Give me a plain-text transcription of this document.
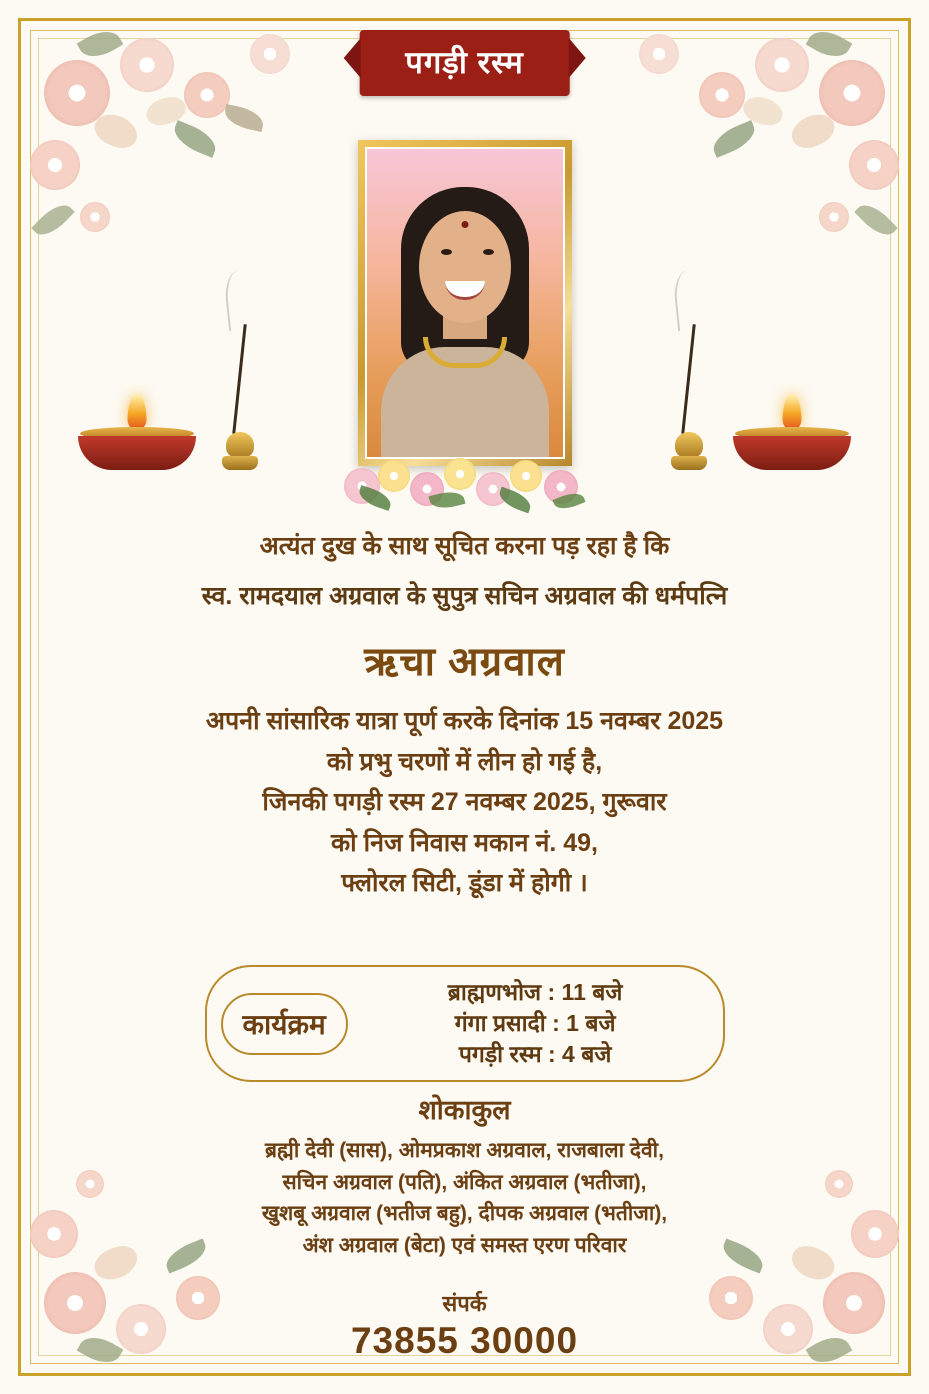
पगड़ी रस्म
अत्यंत दुख के साथ सूचित करना पड़ रहा है कि
स्व. रामदयाल अग्रवाल के सुपुत्र सचिन अग्रवाल की धर्मपत्नि
ऋचा अग्रवाल
अपनी सांसारिक यात्रा पूर्ण करके दिनांक 15 नवम्बर 2025
को प्रभु चरणों में लीन हो गई है,
जिनकी पगड़ी रस्म 27 नवम्बर 2025, गुरूवार
को निज निवास मकान नं. 49,
फ्लोरल सिटी, डूंडा में होगी ।
कार्यक्रम
ब्राह्मणभोज : 11 बजे
गंगा प्रसादी : 1 बजे
पगड़ी रस्म : 4 बजे
शोकाकुल
ब्रह्मी देवी (सास), ओमप्रकाश अग्रवाल, राजबाला देवी,
सचिन अग्रवाल (पति), अंकित अग्रवाल (भतीजा),
खुशबू अग्रवाल (भतीज बहु), दीपक अग्रवाल (भतीजा),
अंश अग्रवाल (बेटा) एवं समस्त एरण परिवार
संपर्क
73855 30000
